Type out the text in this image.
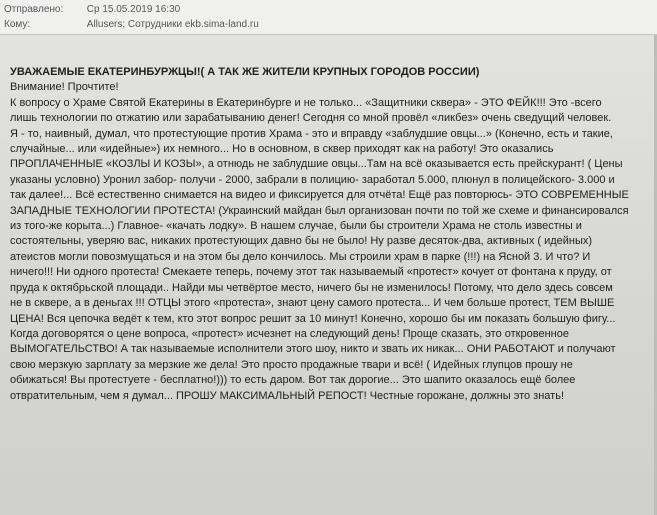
Отправлено: Ср 15.05.2019 16:30
Кому:	Allusers; Сотрудники ekb.sima-land.ru
УВАЖАЕМЫЕ ЕКАТЕРИНБУРЖЦЫ!( А ТАК ЖЕ ЖИТЕЛИ КРУПНЫХ ГОРОДОВ РОССИИ)
Внимание! Прочтите!
К вопросу о Храме Святой Екатерины в Екатеринбурге и не только... «Защитники сквера» - ЭТО ФЕЙК!!! Это -всего
лишь технологии по отжатию или зарабатыванию денег! Сегодня со мной провёл «ликбез» очень сведущий человек.
Я - то, наивный, думал, что протестующие против Храма - это и вправду «заблудшие овцы...» (Конечно, есть и такие,
случайные... или «идейные») их немного... Но в основном, в сквер приходят как на работу! Это оказались
ПРОПЛАЧЕННЫЕ «КОЗЛЫ И КОЗЫ», а отнюдь не заблудшие овцы...Там на всё оказывается есть прейскурант! ( Цены
указаны условно) Уронил забор- получи - 2000, забрали в полицию- заработал 5.000, плюнул в полицейского- 3.000 и
так далее!... Всё естественно снимается на видео и фиксируется для отчёта! Ещё раз повторюсь- ЭТО СОВРЕМЕННЫЕ
ЗАПАДНЫЕ ТЕХНОЛОГИИ ПРОТЕСТА! (Украинский майдан был организован почти по той же схеме и финансировался
из того-же корыта...) Главное- «качать лодку». В нашем случае, были бы строители Храма не столь известны и
состоятельны, уверяю вас, никаких протестующих давно бы не было! Ну разве десяток-два, активных ( идейных)
атеистов могли повозмущаться и на этом бы дело кончилось. Мы строили храм в парке (!!!) на Ясной 3. И что? И
ничего!!! Ни одного протеста! Смекаете теперь, почему этот так называемый «протест» кочует от фонтана к пруду, от
пруда к октябрьской площади.. Найди мы четвёртое место, ничего бы не изменилось! Потому, что дело здесь совсем
не в сквере, а в деньгах !!! ОТЦЫ этого «протеста», знают цену самого протеста... И чем больше протест, ТЕМ ВЫШЕ
ЦЕНА! Вся цепочка ведёт к тем, кто этот вопрос решит за 10 минут! Конечно, хорошо бы им показать большую фигу...
Когда договорятся о цене вопроса, «протест» исчезнет на следующий день! Проще сказать, это откровенное
ВЫМОГАТЕЛЬСТВО! А так называемые исполнители этого шоу, никто и звать их никак... ОНИ РАБОТАЮТ и получают
свою мерзкую зарплату за мерзкие же дела! Это просто продажные твари и всё! ( Идейных глупцов прошу не
обижаться! Вы протестуете - бесплатно!))) то есть даром. Вот так дорогие... Это шапито оказалось ещё более
отвратительным, чем я думал... ПРОШУ МАКСИМАЛЬНЫЙ РЕПОСТ! Честные горожане, должны это знать!
